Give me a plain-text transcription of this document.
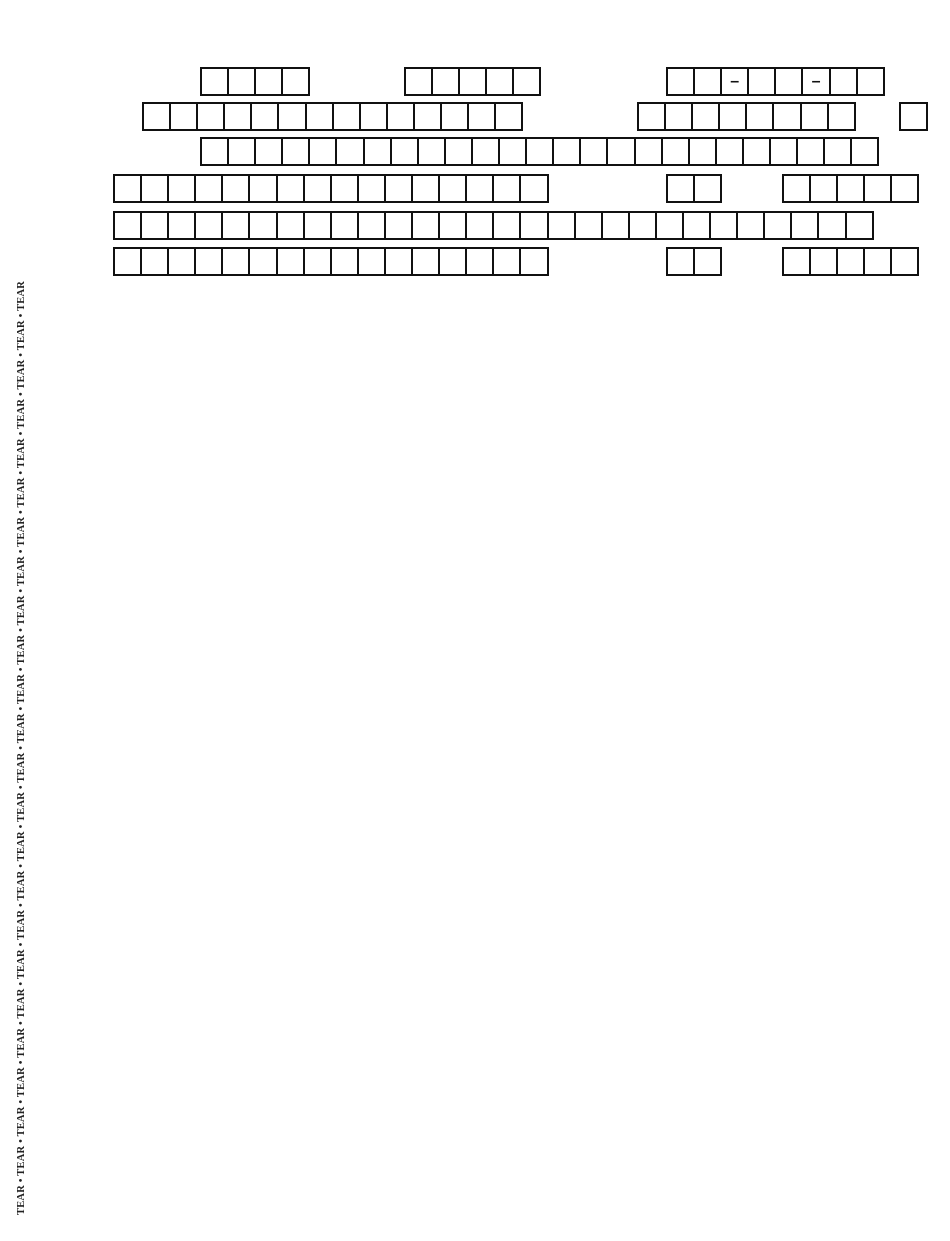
TEAR • TEAR • TEAR • TEAR • TEAR • TEAR • TEAR • TEAR • TEAR • TEAR • TEAR • TEAR • TEAR • TEAR • TEAR • TEAR • TEAR • TEAR • TEAR • TEAR • TEAR • TEAR • TEAR • TEAR
–	–
